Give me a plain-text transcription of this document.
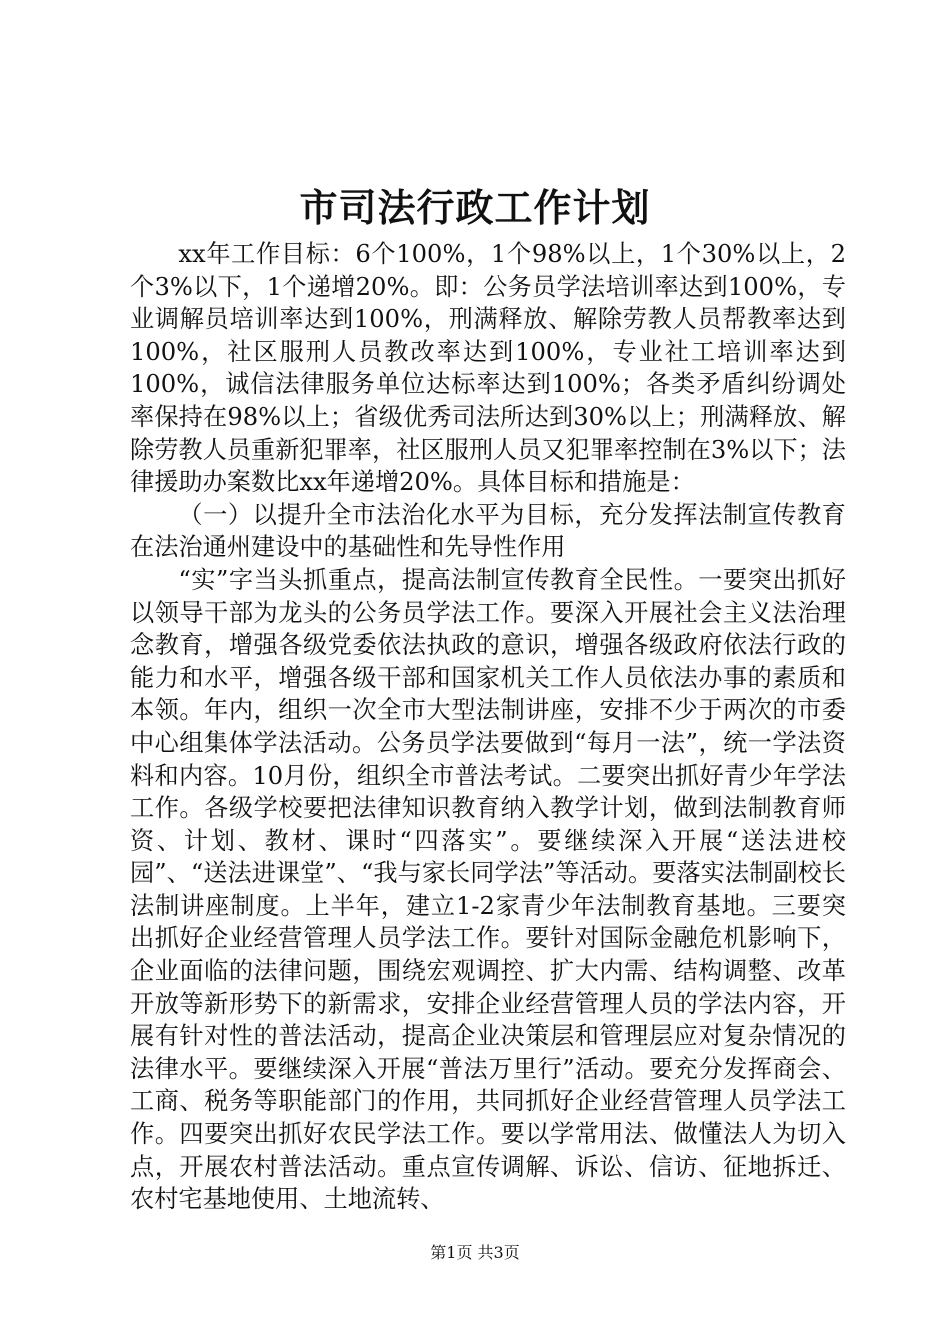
市司法行政工作计划

xx年工作目标：6个100%，1个98%以上，1个30%以上，2个3%以下，1个递增20%。即：公务员学法培训率达到100%，专业调解员培训率达到100%，刑满释放、解除劳教人员帮教率达到100%，社区服刑人员教改率达到100%，专业社工培训率达到100%，诚信法律服务单位达标率达到100%；各类矛盾纠纷调处率保持在98%以上；省级优秀司法所达到30%以上；刑满释放、解除劳教人员重新犯罪率，社区服刑人员又犯罪率控制在3%以下；法律援助办案数比xx年递增20%。具体目标和措施是：

（一）以提升全市法治化水平为目标，充分发挥法制宣传教育在法治通州建设中的基础性和先导性作用

“实”字当头抓重点，提高法制宣传教育全民性。一要突出抓好以领导干部为龙头的公务员学法工作。要深入开展社会主义法治理念教育，增强各级党委依法执政的意识，增强各级政府依法行政的能力和水平，增强各级干部和国家机关工作人员依法办事的素质和本领。年内，组织一次全市大型法制讲座，安排不少于两次的市委中心组集体学法活动。公务员学法要做到“每月一法”，统一学法资料和内容。10月份，组织全市普法考试。二要突出抓好青少年学法工作。各级学校要把法律知识教育纳入教学计划，做到法制教育师资、计划、教材、课时“四落实”。要继续深入开展“送法进校园”、“送法进课堂”、“我与家长同学法”等活动。要落实法制副校长法制讲座制度。上半年，建立1-2家青少年法制教育基地。三要突出抓好企业经营管理人员学法工作。要针对国际金融危机影响下，企业面临的法律问题，围绕宏观调控、扩大内需、结构调整、改革开放等新形势下的新需求，安排企业经营管理人员的学法内容，开展有针对性的普法活动，提高企业决策层和管理层应对复杂情况的法律水平。要继续深入开展“普法万里行”活动。要充分发挥商会、工商、税务等职能部门的作用，共同抓好企业经营管理人员学法工作。四要突出抓好农民学法工作。要以学常用法、做懂法人为切入点，开展农村普法活动。重点宣传调解、诉讼、信访、征地拆迁、农村宅基地使用、土地流转、

第1页 共3页
